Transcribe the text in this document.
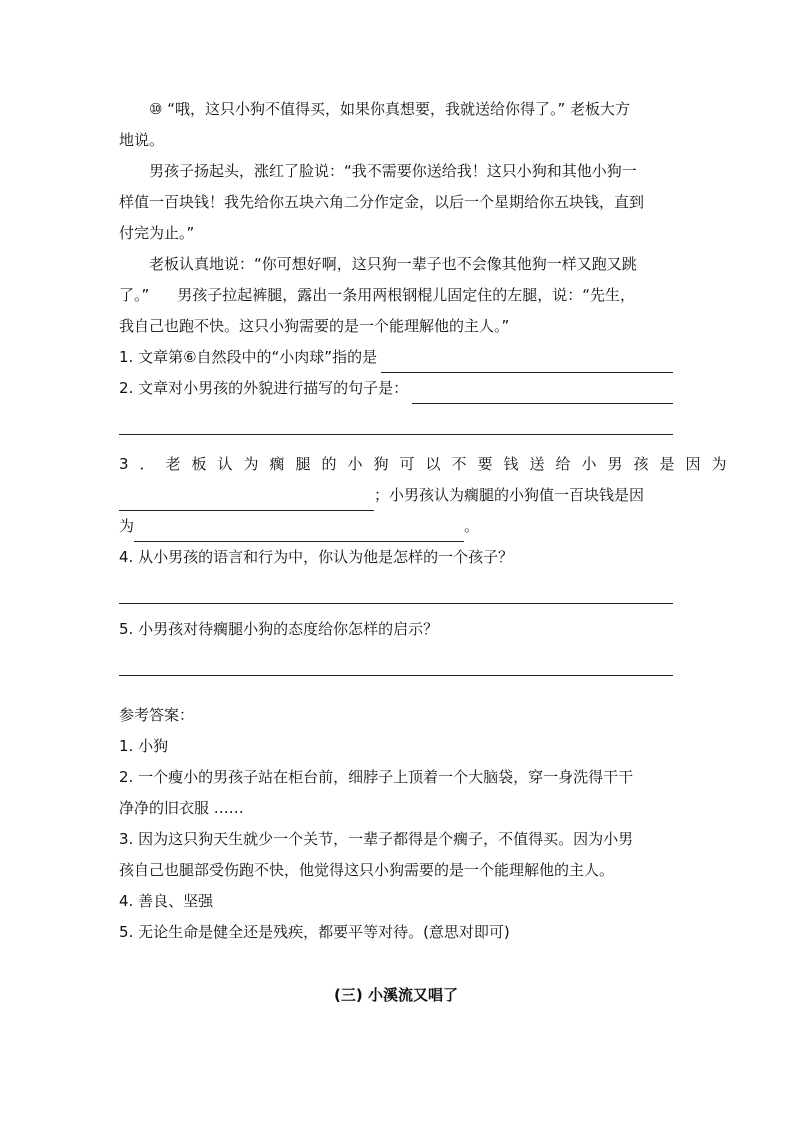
⑩ “哦，这只小狗不值得买，如果你真想要，我就送给你得了。” 老板大方
地说。
男孩子扬起头，涨红了脸说：“我不需要你送给我！这只小狗和其他小狗一
样值一百块钱！我先给你五块六角二分作定金，以后一个星期给你五块钱，直到
付完为止。”
老板认真地说：“你可想好啊，这只狗一辈子也不会像其他狗一样又跑又跳
了。” 男孩子拉起裤腿，露出一条用两根钢棍儿固定住的左腿，说：“先生，
我自己也跑不快。这只小狗需要的是一个能理解他的主人。”
1. 文章第⑥自然段中的“小肉球”指的是
2. 文章对小男孩的外貌进行描写的句子是：
3．老板认为瘸腿的小狗可以不要钱送给小男孩是因为
；小男孩认为瘸腿的小狗值一百块钱是因
为	。
4. 从小男孩的语言和行为中，你认为他是怎样的一个孩子？
5. 小男孩对待瘸腿小狗的态度给你怎样的启示？
参考答案：
1. 小狗
2. 一个瘦小的男孩子站在柜台前，细脖子上顶着一个大脑袋，穿一身洗得干干
净净的旧衣服 ……
3. 因为这只狗天生就少一个关节，一辈子都得是个瘸子，不值得买。因为小男
孩自己也腿部受伤跑不快，他觉得这只小狗需要的是一个能理解他的主人。
4. 善良、坚强
5. 无论生命是健全还是残疾，都要平等对待。(意思对即可)
(三) 小溪流又唱了
